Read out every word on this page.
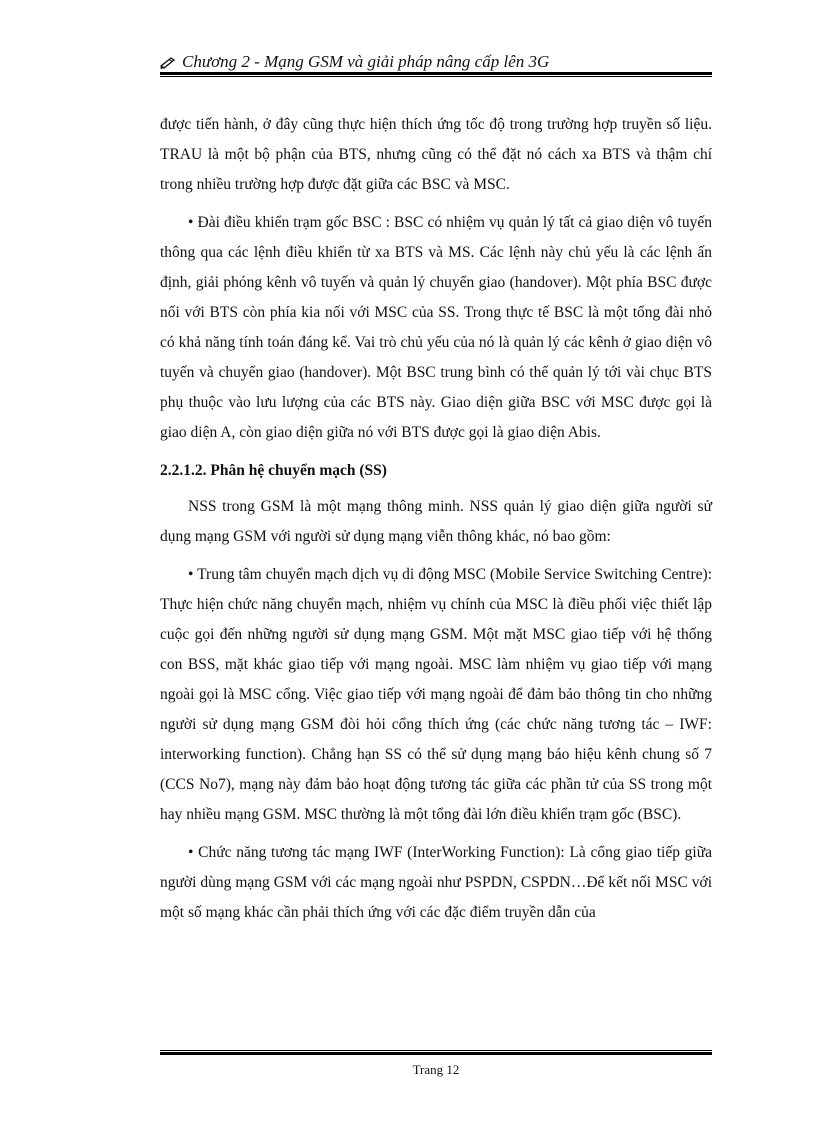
Chương 2 - Mạng GSM và giải pháp nâng cấp lên 3G

được tiến hành, ở đây cũng thực hiện thích ứng tốc độ trong trường hợp truyền số liệu. TRAU là một bộ phận của BTS, nhưng cũng có thể đặt nó cách xa BTS và thậm chí trong nhiều trường hợp được đặt giữa các BSC và MSC.

• Đài điều khiển trạm gốc BSC : BSC có nhiệm vụ quản lý tất cả giao diện vô tuyến thông qua các lệnh điều khiển từ xa BTS và MS. Các lệnh này chủ yếu là các lệnh ấn định, giải phóng kênh vô tuyến và quản lý chuyển giao (handover). Một phía BSC được nối với BTS còn phía kia nối với MSC của SS. Trong thực tế BSC là một tổng đài nhỏ có khả năng tính toán đáng kể. Vai trò chủ yếu của nó là quản lý các kênh ở giao diện vô tuyến và chuyển giao (handover). Một BSC trung bình có thể quản lý tới vài chục BTS phụ thuộc vào lưu lượng của các BTS này. Giao diện giữa BSC với MSC được gọi là giao diện A, còn giao diện giữa nó với BTS được gọi là giao diện Abis.

2.2.1.2. Phân hệ chuyển mạch (SS)

NSS trong GSM là một mạng thông minh. NSS quản lý giao diện giữa người sử dụng mạng GSM với người sử dụng mạng viễn thông khác, nó bao gồm:

• Trung tâm chuyển mạch dịch vụ di động MSC (Mobile Service Switching Centre): Thực hiện chức năng chuyển mạch, nhiệm vụ chính của MSC là điều phối việc thiết lập cuộc gọi đến những người sử dụng mạng GSM. Một mặt MSC giao tiếp với hệ thống con BSS, mặt khác giao tiếp với mạng ngoài. MSC làm nhiệm vụ giao tiếp với mạng ngoài gọi là MSC cổng. Việc giao tiếp với mạng ngoài để đảm bảo thông tin cho những người sử dụng mạng GSM đòi hỏi cổng thích ứng (các chức năng tương tác – IWF: interworking function). Chẳng hạn SS có thể sử dụng mạng báo hiệu kênh chung số 7 (CCS No7), mạng này đảm bảo hoạt động tương tác giữa các phần tử của SS trong một hay nhiều mạng GSM. MSC thường là một tổng đài lớn điều khiển trạm gốc (BSC).

• Chức năng tương tác mạng IWF (InterWorking Function): Là cổng giao tiếp giữa người dùng mạng GSM với các mạng ngoài như PSPDN, CSPDN…Để kết nối MSC với một số mạng khác cần phải thích ứng với các đặc điểm truyền dẫn của

Trang 12
